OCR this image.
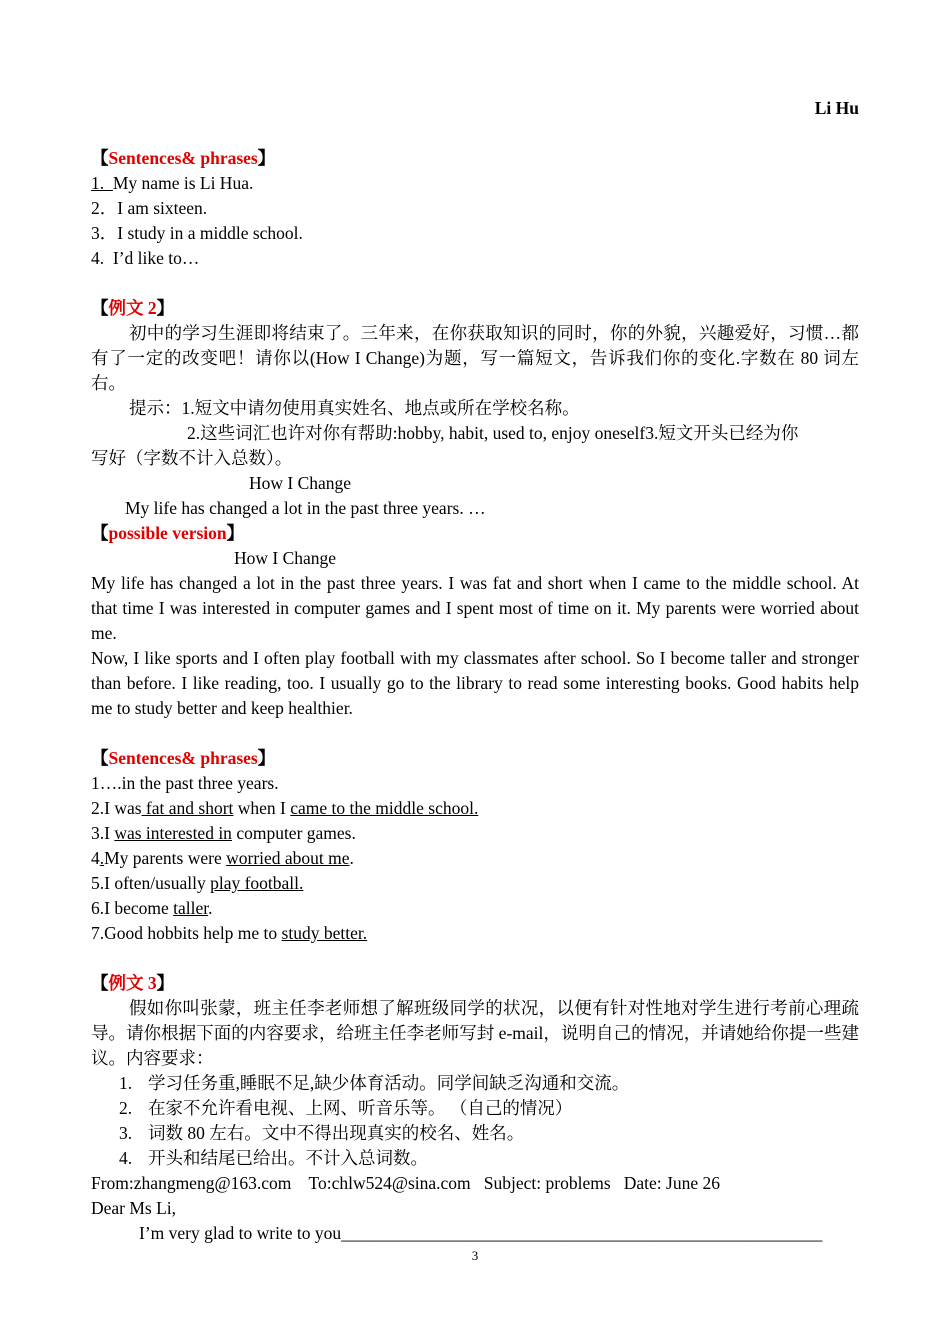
Li Hu
【Sentences& phrases】
1.  My name is Li Hua.
2．I am sixteen.
3．I study in a middle school.
4.  I’d like to…
【例文 2】
初中的学习生涯即将结束了。三年来，在你获取知识的同时，你的外貌，兴趣爱好，习惯…都有了一定的改变吧！请你以(How I Change)为题，写一篇短文，告诉我们你的变化.字数在 80 词左右。
提示：1.短文中请勿使用真实姓名、地点或所在学校名称。
2.这些词汇也许对你有帮助:hobby, habit, used to, enjoy oneself3.短文开头已经为你
写好（字数不计入总数）。
How I Change
My life has changed a lot in the past three years. …
【possible version】
How I Change
My life has changed a lot in the past three years. I was fat and short when I came to the middle school. At that time I was interested in computer games and I spent most of time on it. My parents were worried about me.
Now, I like sports and I often play football with my classmates after school. So I become taller and stronger than before. I like reading, too. I usually go to the library to read some interesting books. Good habits help me to study better and keep healthier.
【Sentences& phrases】
1….in the past three years.
2.I was fat and short when I came to the middle school.
3.I was interested in computer games.
4.My parents were worried about me.
5.I often/usually play football.
6.I become taller.
7.Good hobbits help me to study better.
【例文 3】
假如你叫张蒙，班主任李老师想了解班级同学的状况，以便有针对性地对学生进行考前心理疏导。请你根据下面的内容要求，给班主任李老师写封 e-mail，说明自己的情况，并请她给你提一些建议。内容要求：
1. 学习任务重,睡眠不足,缺少体育活动。同学间缺乏沟通和交流。
2. 在家不允许看电视、上网、听音乐等。 （自己的情况）
3. 词数 80 左右。文中不得出现真实的校名、姓名。
4. 开头和结尾已给出。不计入总词数。
From:zhangmeng@163.com    To:chlw524@sina.com   Subject: problems   Date: June 26
Dear Ms Li,
I’m very glad to write to you_______________________________________________________
3
